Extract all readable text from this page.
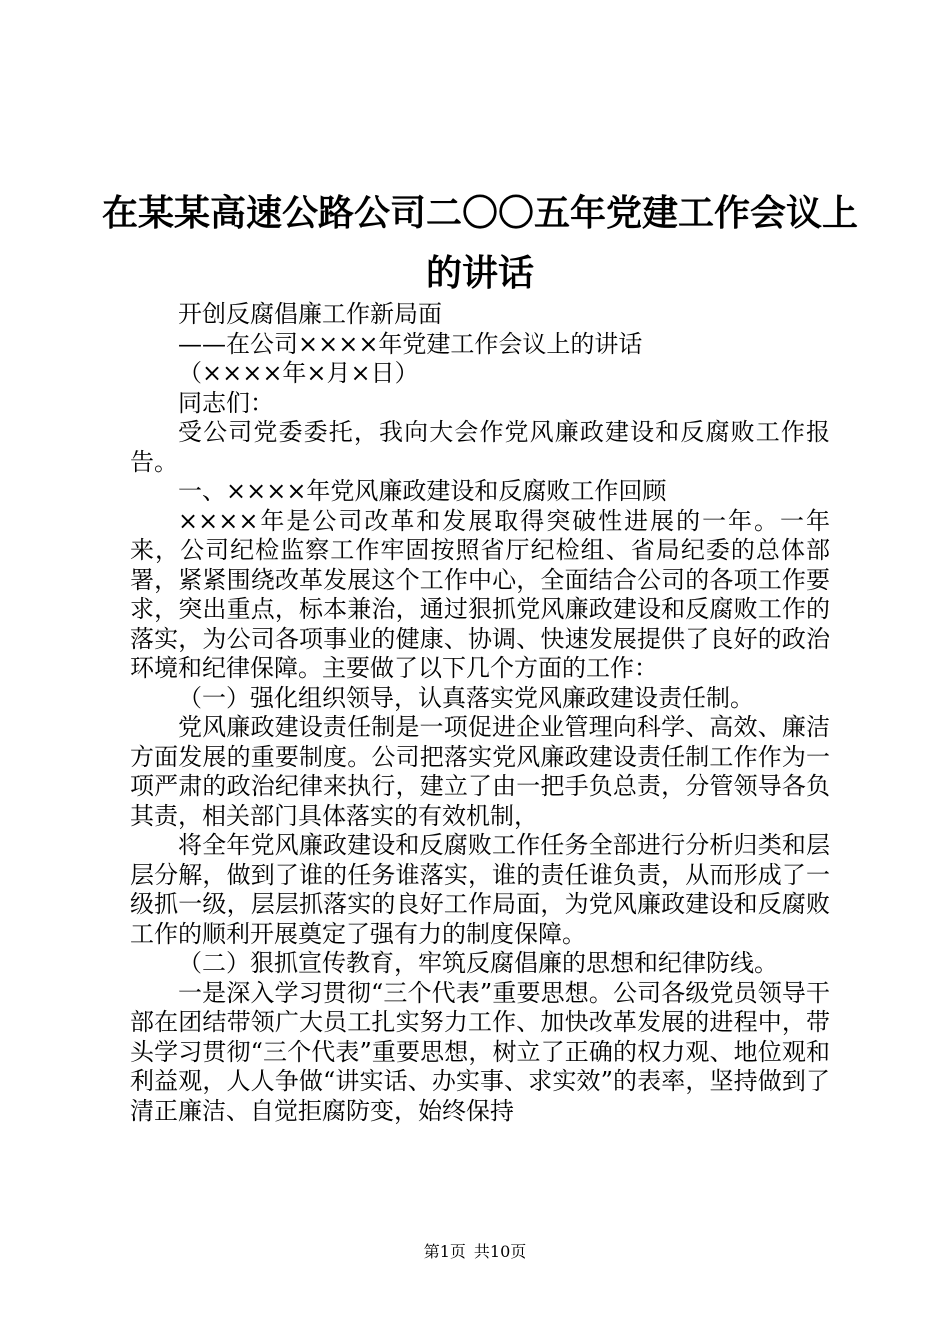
在某某高速公路公司二〇〇五年党建工作会议上的讲话

开创反腐倡廉工作新局面

——在公司××××年党建工作会议上的讲话

（××××年×月×日）

同志们：

受公司党委委托，我向大会作党风廉政建设和反腐败工作报告。

一、××××年党风廉政建设和反腐败工作回顾

××××年是公司改革和发展取得突破性进展的一年。一年来，公司纪检监察工作牢固按照省厅纪检组、省局纪委的总体部署，紧紧围绕改革发展这个工作中心，全面结合公司的各项工作要求，突出重点，标本兼治，通过狠抓党风廉政建设和反腐败工作的落实，为公司各项事业的健康、协调、快速发展提供了良好的政治环境和纪律保障。主要做了以下几个方面的工作：

（一）强化组织领导，认真落实党风廉政建设责任制。

党风廉政建设责任制是一项促进企业管理向科学、高效、廉洁方面发展的重要制度。公司把落实党风廉政建设责任制工作作为一项严肃的政治纪律来执行，建立了由一把手负总责，分管领导各负其责，相关部门具体落实的有效机制，

将全年党风廉政建设和反腐败工作任务全部进行分析归类和层层分解，做到了谁的任务谁落实，谁的责任谁负责，从而形成了一级抓一级，层层抓落实的良好工作局面，为党风廉政建设和反腐败工作的顺利开展奠定了强有力的制度保障。

（二）狠抓宣传教育，牢筑反腐倡廉的思想和纪律防线。

一是深入学习贯彻“三个代表”重要思想。公司各级党员领导干部在团结带领广大员工扎实努力工作、加快改革发展的进程中，带头学习贯彻“三个代表”重要思想，树立了正确的权力观、地位观和利益观，人人争做“讲实话、办实事、求实效”的表率，坚持做到了清正廉洁、自觉拒腐防变，始终保持

第1页 共10页
